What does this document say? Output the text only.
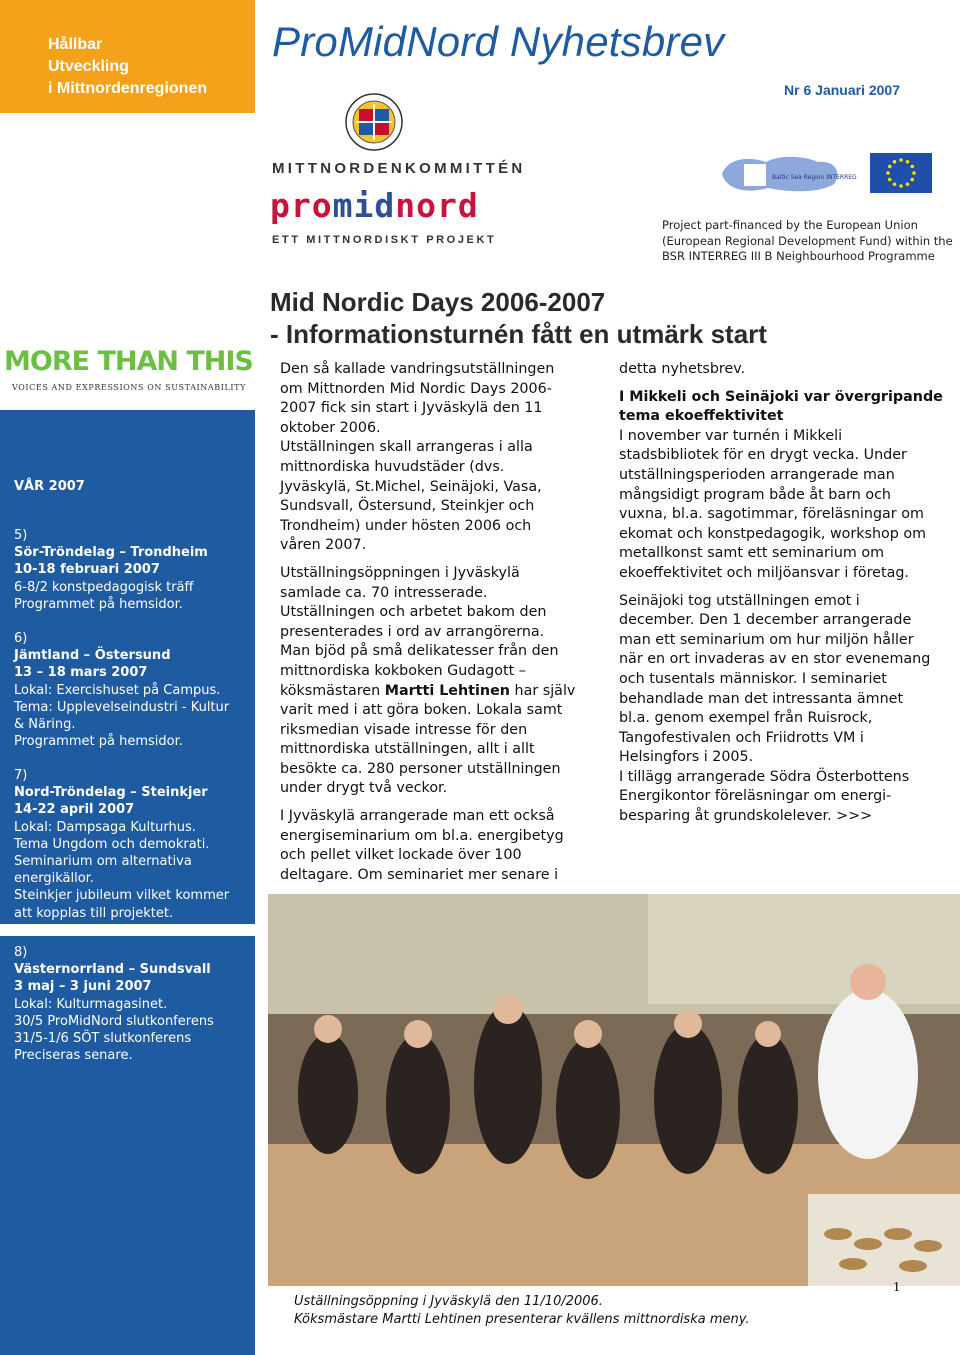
Hållbar
Utveckling
i Mittnordenregionen
MORE THAN THIS
VOICES AND EXPRESSIONS ON SUSTAINABILITY

VÅR 2007

5)

Sör-Tröndelag – Trondheim

10-18 februari 2007

6-8/2 konstpedagogisk träff

Programmet på hemsidor.

6)

Jämtland – Östersund

13 – 18 mars 2007

Lokal: Exercishuset på Campus.

Tema: Upplevelseindustri - Kultur

& Näring.

Programmet på hemsidor.

7)

Nord-Tröndelag – Steinkjer

14-22 april 2007

Lokal: Dampsaga Kulturhus.

Tema Ungdom och demokrati.

Seminarium om alternativa

energikällor.

Steinkjer jubileum vilket kommer

att kopplas till projektet.

8)

Västernorrland – Sundsvall

3 maj – 3 juni 2007

Lokal: Kulturmagasinet.

30/5 ProMidNord slutkonferens

31/5-1/6 SÖT slutkonferens

Preciseras senare.

ProMidNord Nyhetsbrev
Nr 6 Januari 2007
MITTNORDENKOMMITTÉN
promidnord
ETT MITTNORDISKT PROJEKT
Baltic Sea Region INTERREG

Project part-financed by the European Union

(European Regional Development Fund) within the

BSR INTERREG III B Neighbourhood Programme

Mid Nordic Days 2006-2007

- Informationsturnén fått en utmärk start

Den så kallade vandringsutställningen

om Mittnorden Mid Nordic Days 2006-

2007 fick sin start i Jyväskylä den 11

oktober 2006.

Utställningen skall arrangeras i alla

mittnordiska huvudstäder (dvs.

Jyväskylä, St.Michel, Seinäjoki, Vasa,

Sundsvall, Östersund, Steinkjer och

Trondheim) under hösten 2006 och

våren 2007.

Utställningsöppningen i Jyväskylä

samlade ca. 70 intresserade.

Utställningen och arbetet bakom den

presenterades i ord av arrangörerna.

Man bjöd på små delikatesser från den

mittnordiska kokboken Gudagott –

köksmästaren Martti Lehtinen har själv

varit med i att göra boken. Lokala samt

riksmedian visade intresse för den

mittnordiska utställningen, allt i allt

besökte ca. 280 personer utställningen

under drygt två veckor.

I Jyväskylä arrangerade man ett också

energiseminarium om bl.a. energibetyg

och pellet vilket lockade över 100

deltagare. Om seminariet mer senare i

detta nyhetsbrev.

I Mikkeli och Seinäjoki var övergripande

tema ekoeffektivitet

I november var turnén i Mikkeli

stadsbibliotek för en drygt vecka. Under

utställningsperioden arrangerade man

mångsidigt program både åt barn och

vuxna, bl.a. sagotimmar, föreläsningar om

ekomat och konstpedagogik, workshop om

metallkonst samt ett seminarium om

ekoeffektivitet och miljöansvar i företag.

Seinäjoki tog utställningen emot i

december. Den 1 december arrangerade

man ett seminarium om hur miljön håller

när en ort invaderas av en stor evenemang

och tusentals människor. I seminariet

behandlade man det intressanta ämnet

bl.a. genom exempel från Ruisrock,

Tangofestivalen och Friidrotts VM i

Helsingfors i 2005.

I tillägg arrangerade Södra Österbottens

Energikontor föreläsningar om energi-

besparing åt grundskolelever. >>>

Uställningsöppning i Jyväskylä den 11/10/2006.

Köksmästare Martti Lehtinen presenterar kvällens mittnordiska meny.

1
